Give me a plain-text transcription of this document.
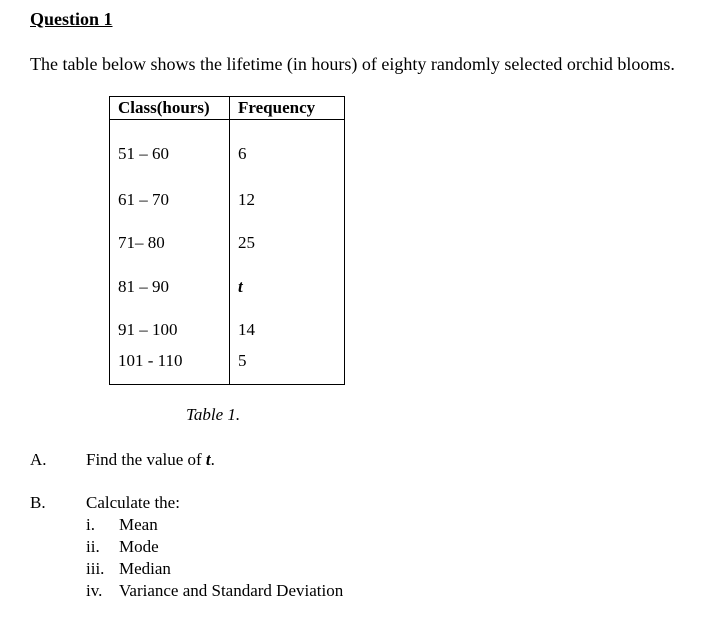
Question 1

The table below shows the lifetime (in hours) of eighty randomly selected orchid blooms.

Class(hours)	Frequency
51 – 60	6
61 – 70	12
71– 80	25
81 – 90	t
91 – 100	14
101 - 110	5

Table 1.

A. Find the value of t.

B. Calculate the:

i. Mean
ii. Mode
iii. Median
iv. Variance and Standard Deviation
